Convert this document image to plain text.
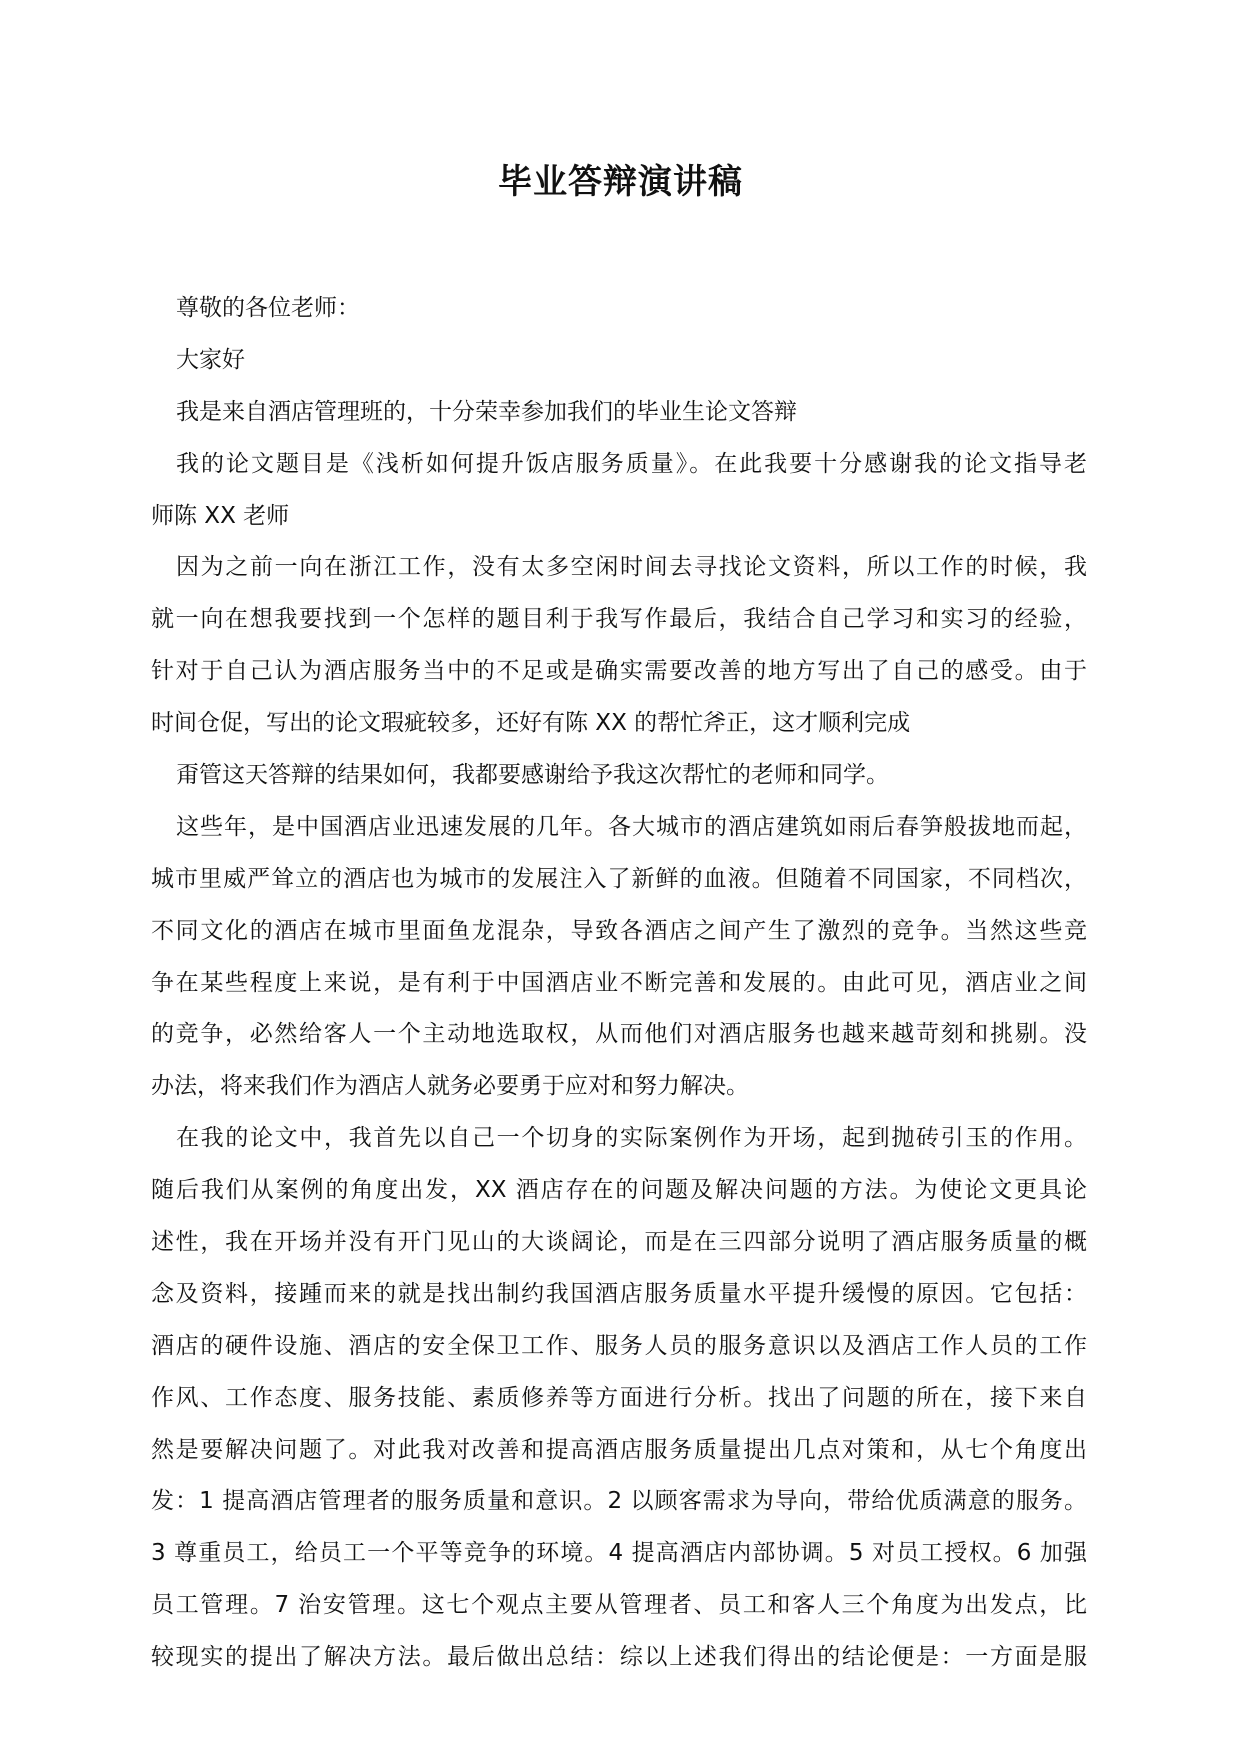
毕业答辩演讲稿
尊敬的各位老师：
大家好
我是来自酒店管理班的，十分荣幸参加我们的毕业生论文答辩
我的论文题目是《浅析如何提升饭店服务质量》。在此我要十分感谢我的论文指导老
师陈 XX 老师
因为之前一向在浙江工作，没有太多空闲时间去寻找论文资料，所以工作的时候，我
就一向在想我要找到一个怎样的题目利于我写作最后，我结合自己学习和实习的经验，
针对于自己认为酒店服务当中的不足或是确实需要改善的地方写出了自己的感受。由于
时间仓促，写出的论文瑕疵较多，还好有陈 XX 的帮忙斧正，这才顺利完成
甭管这天答辩的结果如何，我都要感谢给予我这次帮忙的老师和同学。
这些年，是中国酒店业迅速发展的几年。各大城市的酒店建筑如雨后春笋般拔地而起，
城市里威严耸立的酒店也为城市的发展注入了新鲜的血液。但随着不同国家，不同档次，
不同文化的酒店在城市里面鱼龙混杂，导致各酒店之间产生了激烈的竞争。当然这些竞
争在某些程度上来说，是有利于中国酒店业不断完善和发展的。由此可见，酒店业之间
的竞争，必然给客人一个主动地选取权，从而他们对酒店服务也越来越苛刻和挑剔。没
办法，将来我们作为酒店人就务必要勇于应对和努力解决。
在我的论文中，我首先以自己一个切身的实际案例作为开场，起到抛砖引玉的作用。
随后我们从案例的角度出发，XX 酒店存在的问题及解决问题的方法。为使论文更具论
述性，我在开场并没有开门见山的大谈阔论，而是在三四部分说明了酒店服务质量的概
念及资料，接踵而来的就是找出制约我国酒店服务质量水平提升缓慢的原因。它包括：
酒店的硬件设施、酒店的安全保卫工作、服务人员的服务意识以及酒店工作人员的工作
作风、工作态度、服务技能、素质修养等方面进行分析。找出了问题的所在，接下来自
然是要解决问题了。对此我对改善和提高酒店服务质量提出几点对策和，从七个角度出
发：1 提高酒店管理者的服务质量和意识。2 以顾客需求为导向，带给优质满意的服务。
3 尊重员工，给员工一个平等竞争的环境。4 提高酒店内部协调。5 对员工授权。6 加强
员工管理。7 治安管理。这七个观点主要从管理者、员工和客人三个角度为出发点，比
较现实的提出了解决方法。最后做出总结：综以上述我们得出的结论便是：一方面是服
